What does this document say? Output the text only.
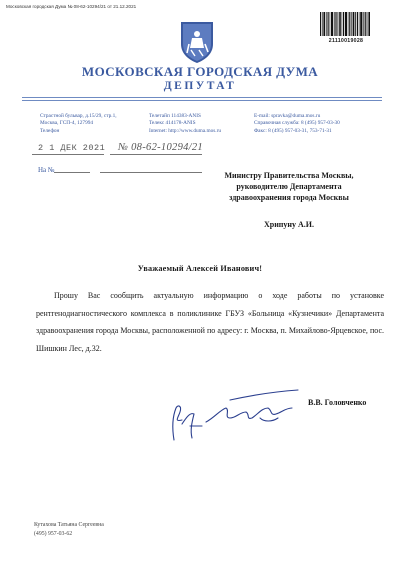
Московская городская Дума № 08-62-10294/21 от 21.12.2021
21110019028
МОСКОВСКАЯ ГОРОДСКАЯ ДУМА
ДЕПУТАТ
Страстной бульвар, д.15/29, стр.1,
Москва, ГСП-4, 127994
Телефон
Телетайп 114383-ANIS
Телекс 414178-ANIS
Internet: http://www.duma.mos.ru
E-mail: spravka@duma.mos.ru
Справочная служба: 8 (495) 957-03-30
Факс: 8 (495) 957-03-31, 753-71-31
2 1 ДЕК 2021 № 08-62-10294/21
На №
Министру Правительства Москвы,
руководителю Департамента
здравоохранения города Москвы
Хрипуну А.И.
Уважаемый Алексей Иванович!

Прошу Вас сообщить актуальную информацию о ходе работы по установке рентгенодиагностического комплекса в поликлинике ГБУЗ «Больница «Кузнечики» Департамента здравоохранения города Москвы, расположенной по адресу: г. Москва, п. Михайлово-Ярцевское, пос. Шишкин Лес, д.32.

В.В. Головченко
Кутахова Татьяна Сергеевна
(495) 957-03-62
